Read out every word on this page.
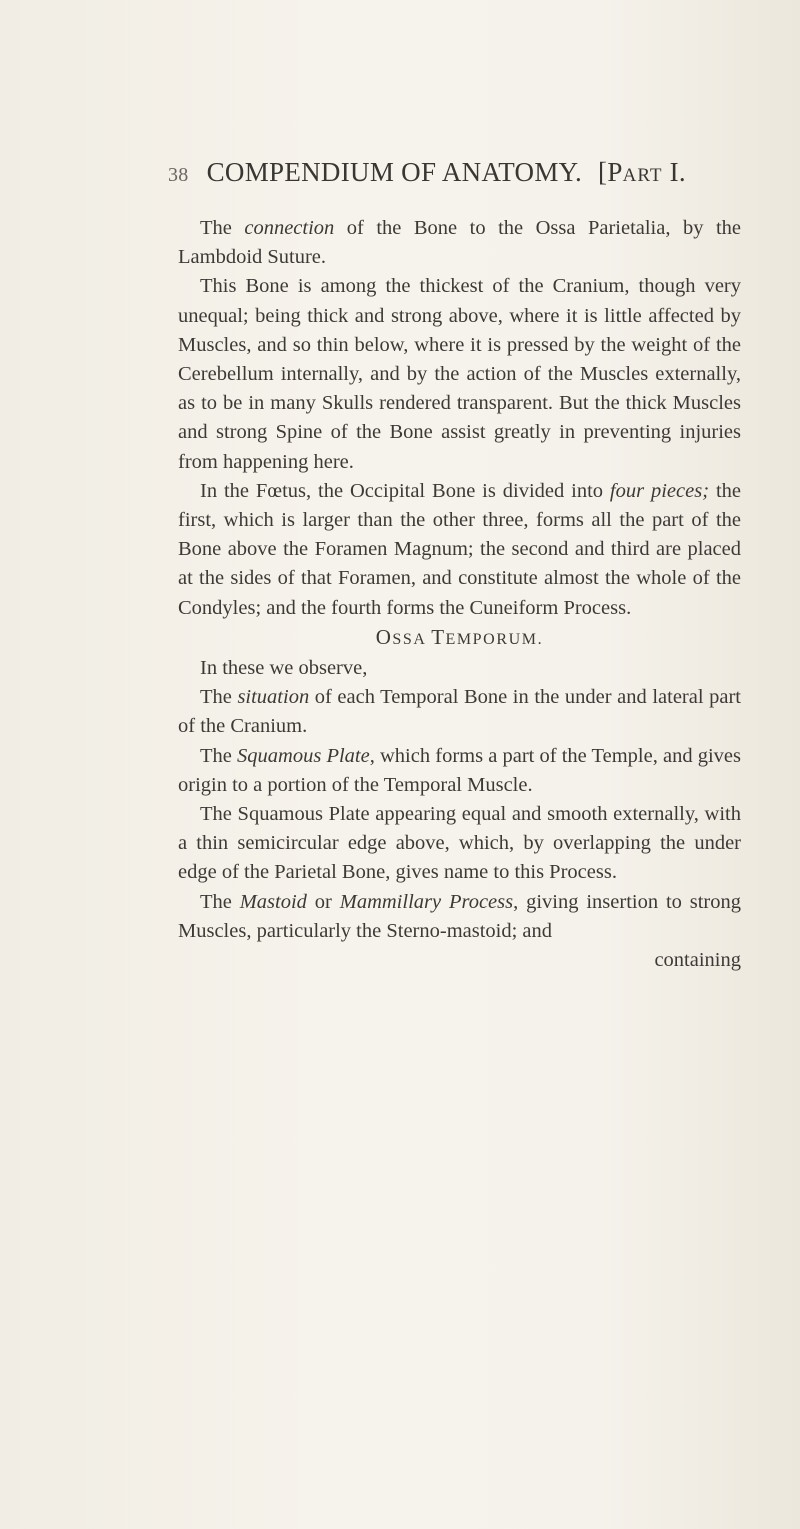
38 COMPENDIUM OF ANATOMY. [PART I.

The connection of the Bone to the Ossa Parietalia, by the Lambdoid Suture.

This Bone is among the thickest of the Cranium, though very unequal; being thick and strong above, where it is little affected by Muscles, and so thin below, where it is pressed by the weight of the Cerebellum internally, and by the action of the Muscles externally, as to be in many Skulls rendered transparent. But the thick Muscles and strong Spine of the Bone assist greatly in preventing injuries from happening here.

In the Fœtus, the Occipital Bone is divided into four pieces; the first, which is larger than the other three, forms all the part of the Bone above the Foramen Magnum; the second and third are placed at the sides of that Foramen, and constitute almost the whole of the Condyles; and the fourth forms the Cuneiform Process.

OSSA TEMPORUM.

In these we observe,

The situation of each Temporal Bone in the under and lateral part of the Cranium.

The Squamous Plate, which forms a part of the Temple, and gives origin to a portion of the Temporal Muscle.

The Squamous Plate appearing equal and smooth externally, with a thin semicircular edge above, which, by overlapping the under edge of the Parietal Bone, gives name to this Process.

The Mastoid or Mammillary Process, giving insertion to strong Muscles, particularly the Sterno-mastoid; and

containing
